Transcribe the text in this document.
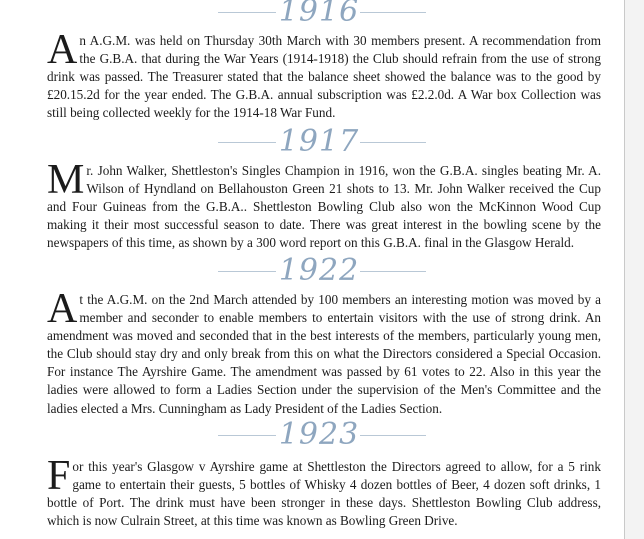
1916
An A.G.M. was held on Thursday 30th March with 30 members present. A recommendation from the G.B.A. that during the War Years (1914-1918) the Club should refrain from the use of strong drink was passed. The Treasurer stated that the balance sheet showed the balance was to the good by £20.15.2d for the year ended. The G.B.A. annual subscription was £2.2.0d. A War box Collection was still being collected weekly for the 1914-18 War Fund.
1917
Mr. John Walker, Shettleston's Singles Champion in 1916, won the G.B.A. singles beating Mr. A. Wilson of Hyndland on Bellahouston Green 21 shots to 13. Mr. John Walker received the Cup and Four Guineas from the G.B.A.. Shettleston Bowling Club also won the McKinnon Wood Cup making it their most successful season to date. There was great interest in the bowling scene by the newspapers of this time, as shown by a 300 word report on this G.B.A. final in the Glasgow Herald.
1922
At the A.G.M. on the 2nd March attended by 100 members an interesting motion was moved by a member and seconder to enable members to entertain visitors with the use of strong drink. An amendment was moved and seconded that in the best interests of the members, particularly young men, the Club should stay dry and only break from this on what the Directors considered a Special Occasion. For instance The Ayrshire Game. The amendment was passed by 61 votes to 22. Also in this year the ladies were allowed to form a Ladies Section under the supervision of the Men's Committee and the ladies elected a Mrs. Cunningham as Lady President of the Ladies Section.
1923
For this year's Glasgow v Ayrshire game at Shettleston the Directors agreed to allow, for a 5 rink game to entertain their guests, 5 bottles of Whisky 4 dozen bottles of Beer, 4 dozen soft drinks, 1 bottle of Port. The drink must have been stronger in these days. Shettleston Bowling Club address, which is now Culrain Street, at this time was known as Bowling Green Drive.
